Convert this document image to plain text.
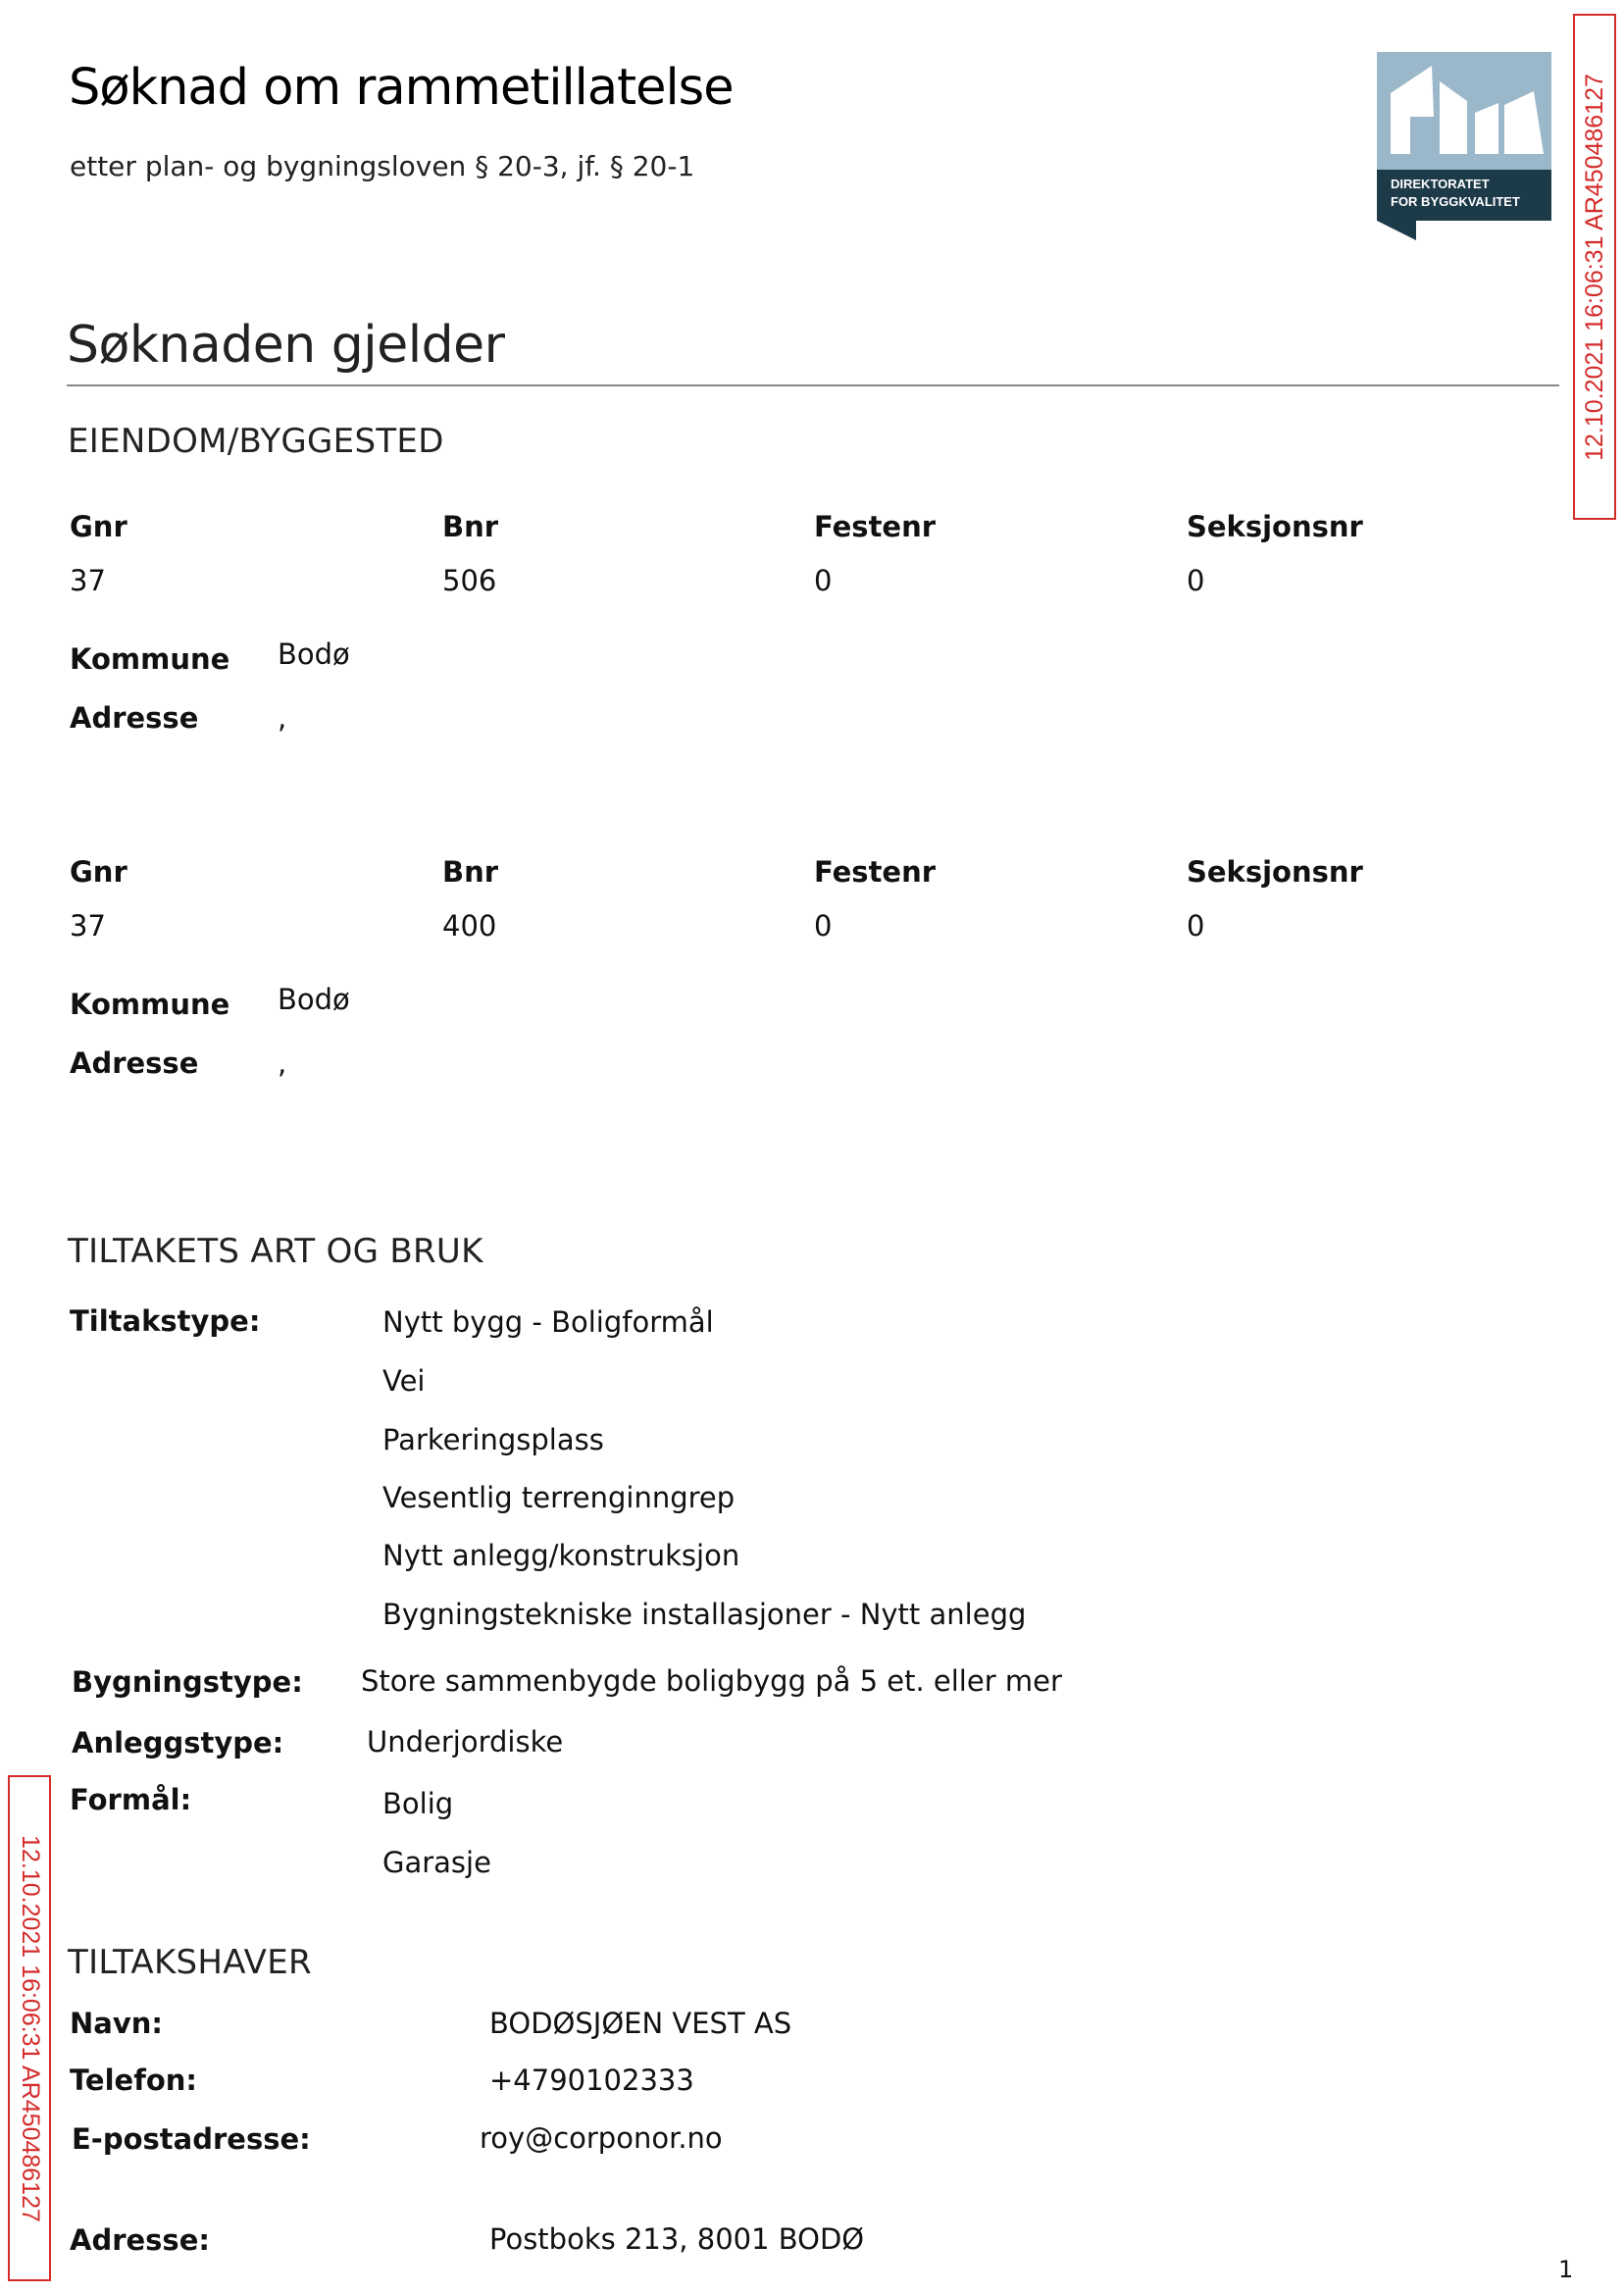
Søknad om rammetillatelse
etter plan- og bygningsloven § 20-3, jf. § 20-1
DIREKTORATET
FOR BYGGKVALITET 12.10.2021 16:06:31 AR450486127
12.10.2021 16:06:31 AR450486127
Søknaden gjelder
EIENDOM/BYGGESTED
Gnr	Bnr	Festenr	Seksjonsnr
37	506	0	0
Kommune Bodø
Adresse	,
Gnr	Bnr	Festenr	Seksjonsnr
37	400	0	0
Kommune Bodø
Adresse	,
TILTAKETS ART OG BRUK
Tiltakstype:	Nytt bygg - Boligformål
Vei
Parkeringsplass
Vesentlig terrenginngrep
Nytt anlegg/konstruksjon
Bygningstekniske installasjoner - Nytt anlegg
Bygningstype: Store sammenbygde boligbygg på 5 et. eller mer
Anleggstype:	Underjordiske
Formål:	Bolig
Garasje
TILTAKSHAVER
Navn:	BODØSJØEN VEST AS
Telefon:	+4790102333
E-postadresse:	roy@corponor.no
Adresse:	Postboks 213, 8001 BODØ
1
